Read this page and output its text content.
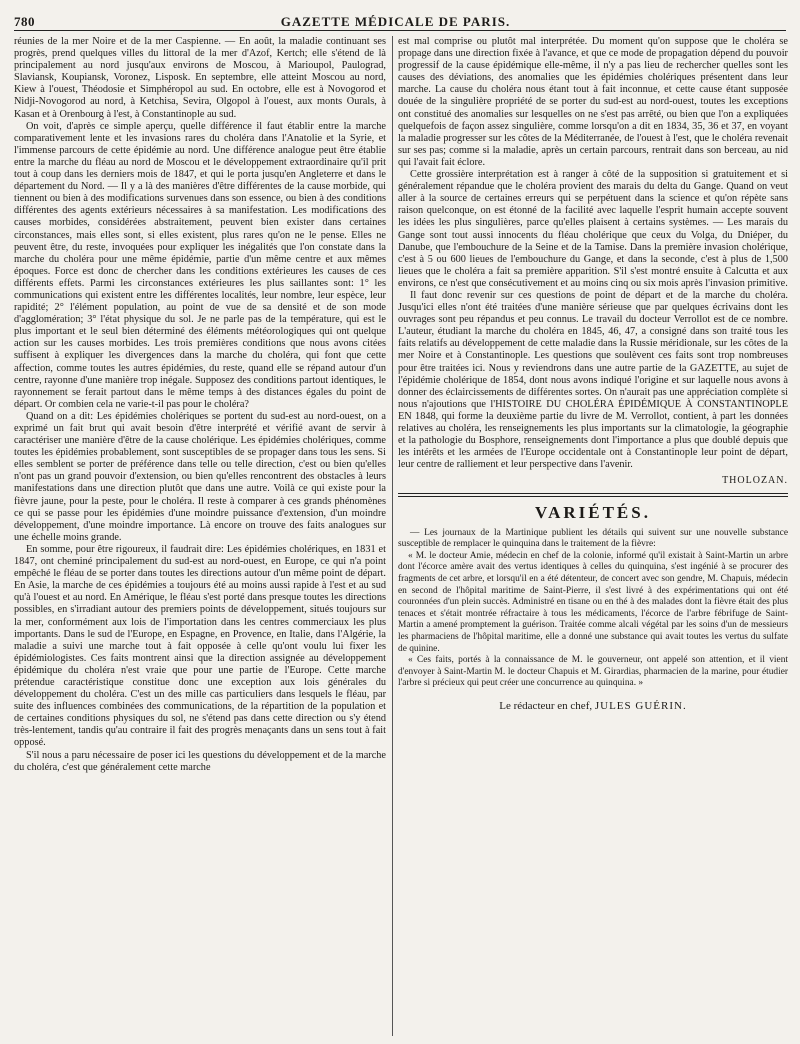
780	GAZETTE MÉDICALE DE PARIS.

réunies de la mer Noire et de la mer Caspienne. — En août, la maladie continuant ses progrès, prend quelques villes du littoral de la mer d'Azof, Kertch; elle s'étend de là principalement au nord jusqu'aux environs de Moscou, à Marioupol, Paulograd, Slaviansk, Koupiansk, Voronez, Lisposk. En septembre, elle atteint Moscou au nord, Kiew à l'ouest, Théodosie et Simphéropol au sud. En octobre, elle est à Novogorod et Nidji-Novogorod au nord, à Ketchisa, Sevira, Olgopol à l'ouest, aux monts Ourals, à Kasan et à Orenbourg à l'est, à Constantinople au sud.

On voit, d'après ce simple aperçu, quelle différence il faut établir entre la marche comparativement lente et les invasions rares du choléra dans l'Anatolie et la Syrie, et l'immense parcours de cette épidémie au nord. Une différence analogue peut être établie entre la marche du fléau au nord de Moscou et le développement extraordinaire qu'il prit tout à coup dans les derniers mois de 1847, et qui le porta jusqu'en Angleterre et dans le département du Nord. — Il y a là des manières d'être différentes de la cause morbide, qui tiennent ou bien à des modifications survenues dans son essence, ou bien à des conditions différentes des agents extérieurs nécessaires à sa manifestation. Les modifications des causes morbides, considérées abstraitement, peuvent bien exister dans certaines circonstances, mais elles sont, si elles existent, plus rares qu'on ne le pense. Elles ne peuvent être, du reste, invoquées pour expliquer les inégalités que l'on constate dans la marche du choléra pour une même épidémie, partie d'un même centre et aux mêmes époques. Force est donc de chercher dans les conditions extérieures les causes de ces différents effets. Parmi les circonstances extérieures les plus saillantes sont: 1° les communications qui existent entre les différentes localités, leur nombre, leur espèce, leur rapidité; 2° l'élément population, au point de vue de sa densité et de son mode d'agglomération; 3° l'état physique du sol. Je ne parle pas de la température, qui est le plus important et le seul bien déterminé des éléments météorologiques qui ont quelque action sur les causes morbides. Les trois premières conditions que nous avons citées suffisent à expliquer les divergences dans la marche du choléra, qui font que cette affection, comme toutes les autres épidémies, du reste, quand elle se répand autour d'un centre, rayonne d'une manière trop inégale. Supposez des conditions partout identiques, le rayonnement se ferait partout dans le même temps à des distances égales du point de départ. Or combien cela ne varie-t-il pas pour le choléra?

Quand on a dit: Les épidémies cholériques se portent du sud-est au nord-ouest, on a exprimé un fait brut qui avait besoin d'être interprété et vérifié avant de servir à caractériser une manière d'être de la cause cholérique. Les épidémies cholériques, comme toutes les épidémies probablement, sont susceptibles de se propager dans tous les sens. Si elles semblent se porter de préférence dans telle ou telle direction, c'est ou bien qu'elles n'ont pas un grand pouvoir d'extension, ou bien qu'elles rencontrent des obstacles à leurs manifestations dans une direction plutôt que dans une autre. Voilà ce qui existe pour la fièvre jaune, pour la peste, pour le choléra. Il reste à comparer à ces grands phénomènes ce qui se passe pour les épidémies d'une moindre puissance d'extension, d'un moindre développement, d'une moindre importance. Là encore on trouve des faits analogues sur une échelle moins grande.

En somme, pour être rigoureux, il faudrait dire: Les épidémies cholériques, en 1831 et 1847, ont cheminé principalement du sud-est au nord-ouest, en Europe, ce qui n'a point empêché le fléau de se porter dans toutes les directions autour d'un même point de départ. En Asie, la marche de ces épidémies a toujours été au moins aussi rapide à l'est et au sud qu'à l'ouest et au nord. En Amérique, le fléau s'est porté dans presque toutes les directions possibles, en s'irradiant autour des premiers points de développement, situés toujours sur la mer, conformément aux lois de l'importation dans les centres commerciaux les plus importants. Dans le sud de l'Europe, en Espagne, en Provence, en Italie, dans l'Algérie, la maladie a suivi une marche tout à fait opposée à celle qu'ont voulu lui fixer les épidémiologistes. Ces faits montrent ainsi que la direction assignée au développement épidémique du choléra n'est vraie que pour une partie de l'Europe. Cette marche prétendue caractéristique constitue donc une exception aux lois générales du développement du choléra. C'est un des mille cas particuliers dans lesquels le fléau, par suite des influences combinées des communications, de la répartition de la population et de certaines conditions physiques du sol, ne s'étend pas dans cette direction ou s'y étend très-lentement, tandis qu'au contraire il fait des progrès menaçants dans un sens tout à fait opposé.

S'il nous a paru nécessaire de poser ici les questions du développement et de la marche du choléra, c'est que généralement cette marche

est mal comprise ou plutôt mal interprétée. Du moment qu'on suppose que le choléra se propage dans une direction fixée à l'avance, et que ce mode de propagation dépend du pouvoir progressif de la cause épidémique elle-même, il n'y a pas lieu de rechercher quelles sont les causes des déviations, des anomalies que les épidémies cholériques présentent dans leur marche. La cause du choléra nous étant tout à fait inconnue, et cette cause étant supposée douée de la singulière propriété de se porter du sud-est au nord-ouest, toutes les exceptions ont constitué des anomalies sur lesquelles on ne s'est pas arrêté, ou bien que l'on a expliquées quelquefois de façon assez singulière, comme lorsqu'on a dit en 1834, 35, 36 et 37, en voyant la maladie progresser sur les côtes de la Méditerranée, de l'ouest à l'est, que le choléra revenait sur ses pas; comme si la maladie, après un certain parcours, rentrait dans son berceau, au nid qui l'avait fait éclore.

Cette grossière interprétation est à ranger à côté de la supposition si gratuitement et si généralement répandue que le choléra provient des marais du delta du Gange. Quand on veut aller à la source de certaines erreurs qui se perpétuent dans la science et qu'on répète sans raison quelconque, on est étonné de la facilité avec laquelle l'esprit humain accepte souvent les idées les plus singulières, parce qu'elles plaisent à certains systèmes. — Les marais du Gange sont tout aussi innocents du fléau cholérique que ceux du Volga, du Dniéper, du Danube, que l'embouchure de la Seine et de la Tamise. Dans la première invasion cholérique, c'est à 5 ou 600 lieues de l'embouchure du Gange, et dans la seconde, c'est à plus de 1,500 lieues que le choléra a fait sa première apparition. S'il s'est montré ensuite à Calcutta et aux environs, ce n'est que consécutivement et au moins cinq ou six mois après l'invasion primitive.

Il faut donc revenir sur ces questions de point de départ et de la marche du choléra. Jusqu'ici elles n'ont été traitées d'une manière sérieuse que par quelques écrivains dont les ouvrages sont peu répandus et peu connus. Le travail du docteur Verrollot est de ce nombre. L'auteur, étudiant la marche du choléra en 1845, 46, 47, a consigné dans son traité tous les faits relatifs au développement de cette maladie dans la Russie méridionale, sur les côtes de la mer Noire et à Constantinople. Les questions que soulèvent ces faits sont trop nombreuses pour être traitées ici. Nous y reviendrons dans une autre partie de la GAZETTE, au sujet de l'épidémie cholérique de 1854, dont nous avons indiqué l'origine et sur laquelle nous avons à donner des éclaircissements de différentes sortes. On n'aurait pas une appréciation complète si nous n'ajoutions que l'HISTOIRE DU CHOLÉRA ÉPIDÉMIQUE À CONSTANTINOPLE EN 1848, qui forme la deuxième partie du livre de M. Verrollot, contient, à part les données relatives au choléra, les renseignements les plus importants sur la climatologie, la géographie et la pathologie du Bosphore, renseignements dont l'importance a plus que doublé depuis que les intérêts et les armées de l'Europe occidentale ont à Constantinople leur point de départ, leur centre de ralliement et leur perspective dans l'avenir.

THOLOZAN.
VARIÉTÉS.

— Les journaux de la Martinique publient les détails qui suivent sur une nouvelle substance susceptible de remplacer le quinquina dans le traitement de la fièvre:

« M. le docteur Amie, médecin en chef de la colonie, informé qu'il existait à Saint-Martin un arbre dont l'écorce amère avait des vertus identiques à celles du quinquina, s'est ingénié à se procurer des fragments de cet arbre, et lorsqu'il en a été détenteur, de concert avec son gendre, M. Chapuis, médecin en second de l'hôpital maritime de Saint-Pierre, il s'est livré à des expérimentations qui ont été couronnées d'un plein succès. Administré en tisane ou en thé à des malades dont la fièvre était des plus tenaces et s'était montrée réfractaire à tous les médicaments, l'écorce de l'arbre fébrifuge de Saint-Martin a amené promptement la guérison. Traitée comme alcali végétal par les soins d'un de messieurs les pharmaciens de l'hôpital maritime, elle a donné une substance qui avait toutes les vertus du sulfate de quinine.

« Ces faits, portés à la connaissance de M. le gouverneur, ont appelé son attention, et il vient d'envoyer à Saint-Martin M. le docteur Chapuis et M. Girardias, pharmacien de la marine, pour étudier l'arbre si précieux qui peut créer une concurrence au quinquina. »

Le rédacteur en chef, JULES GUÉRIN.
